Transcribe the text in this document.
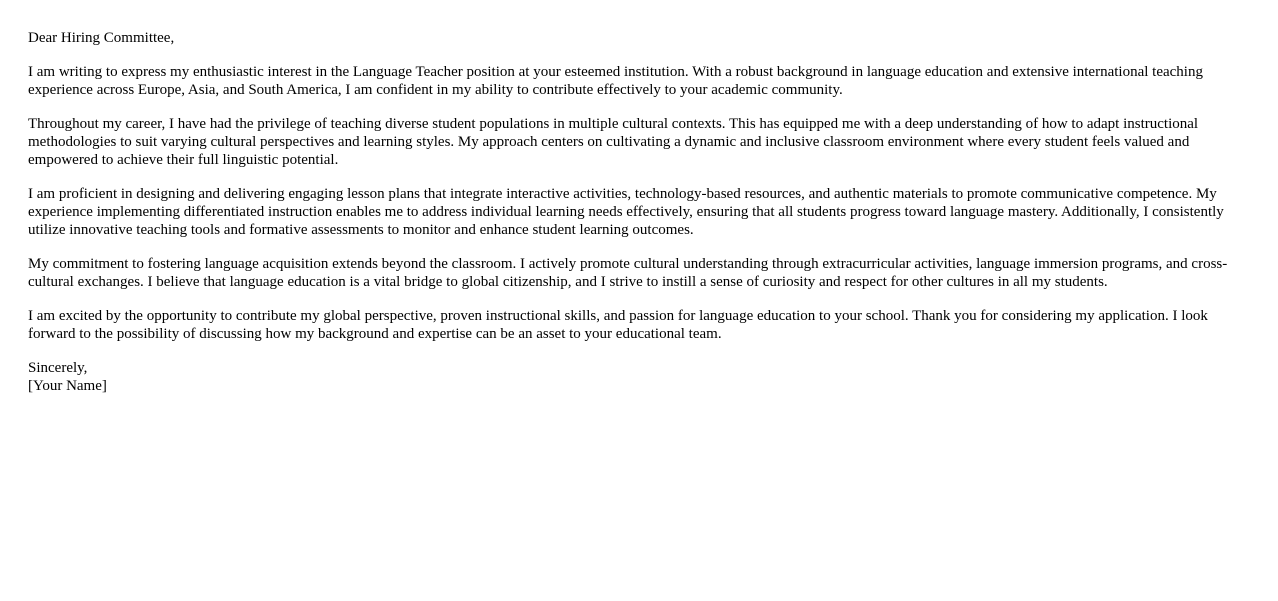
Dear Hiring Committee,

I am writing to express my enthusiastic interest in the Language Teacher position at your esteemed institution. With a robust background in language education and extensive international teaching experience across Europe, Asia, and South America, I am confident in my ability to contribute effectively to your academic community.

Throughout my career, I have had the privilege of teaching diverse student populations in multiple cultural contexts. This has equipped me with a deep understanding of how to adapt instructional methodologies to suit varying cultural perspectives and learning styles. My approach centers on cultivating a dynamic and inclusive classroom environment where every student feels valued and empowered to achieve their full linguistic potential.

I am proficient in designing and delivering engaging lesson plans that integrate interactive activities, technology-based resources, and authentic materials to promote communicative competence. My experience implementing differentiated instruction enables me to address individual learning needs effectively, ensuring that all students progress toward language mastery. Additionally, I consistently utilize innovative teaching tools and formative assessments to monitor and enhance student learning outcomes.

My commitment to fostering language acquisition extends beyond the classroom. I actively promote cultural understanding through extracurricular activities, language immersion programs, and cross-cultural exchanges. I believe that language education is a vital bridge to global citizenship, and I strive to instill a sense of curiosity and respect for other cultures in all my students.

I am excited by the opportunity to contribute my global perspective, proven instructional skills, and passion for language education to your school. Thank you for considering my application. I look forward to the possibility of discussing how my background and expertise can be an asset to your educational team.

Sincerely,
[Your Name]
